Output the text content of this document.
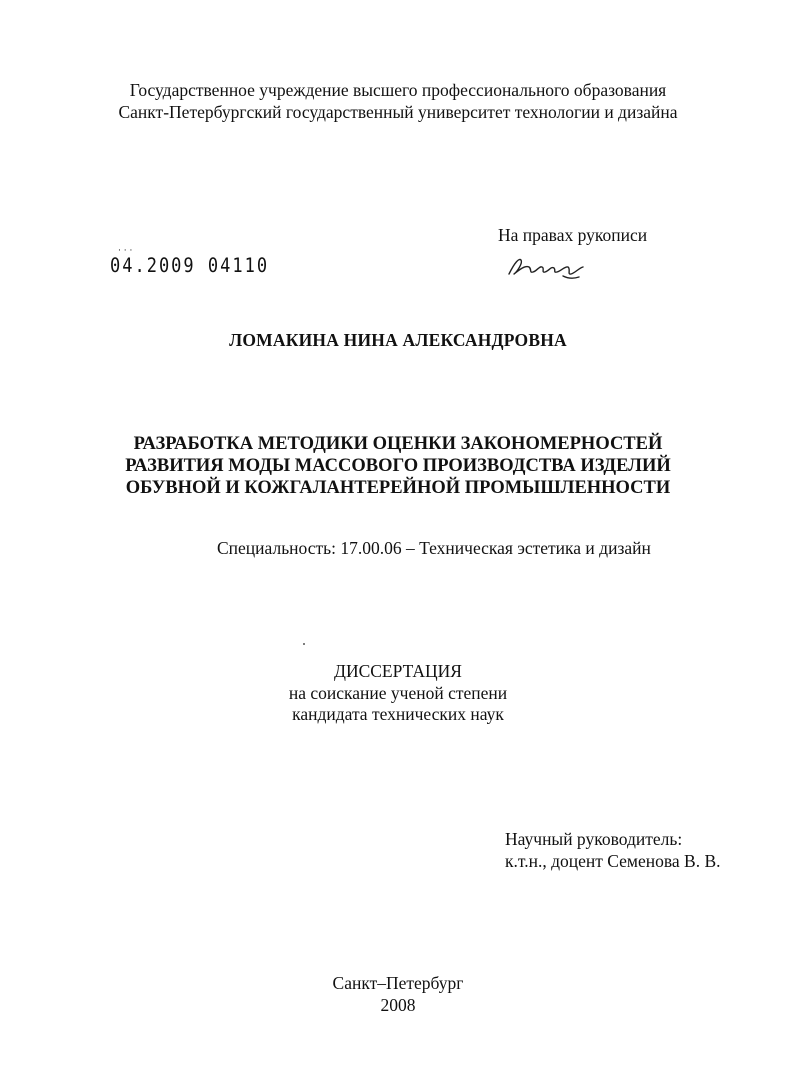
Государственное учреждение высшего профессионального образования
Санкт-Петербургский государственный университет технологии и дизайна
На правах рукописи
· · ·
04.2009 04110
ЛОМАКИНА НИНА АЛЕКСАНДРОВНА
РАЗРАБОТКА МЕТОДИКИ ОЦЕНКИ ЗАКОНОМЕРНОСТЕЙ
РАЗВИТИЯ МОДЫ МАССОВОГО ПРОИЗВОДСТВА ИЗДЕЛИЙ
ОБУВНОЙ И КОЖГАЛАНТЕРЕЙНОЙ ПРОМЫШЛЕННОСТИ
Специальность: 17.00.06 – Техническая эстетика и дизайн
ДИССЕРТАЦИЯ
на соискание ученой степени
кандидата технических наук
Научный руководитель:
к.т.н., доцент Семенова В. В.
Санкт–Петербург
2008
